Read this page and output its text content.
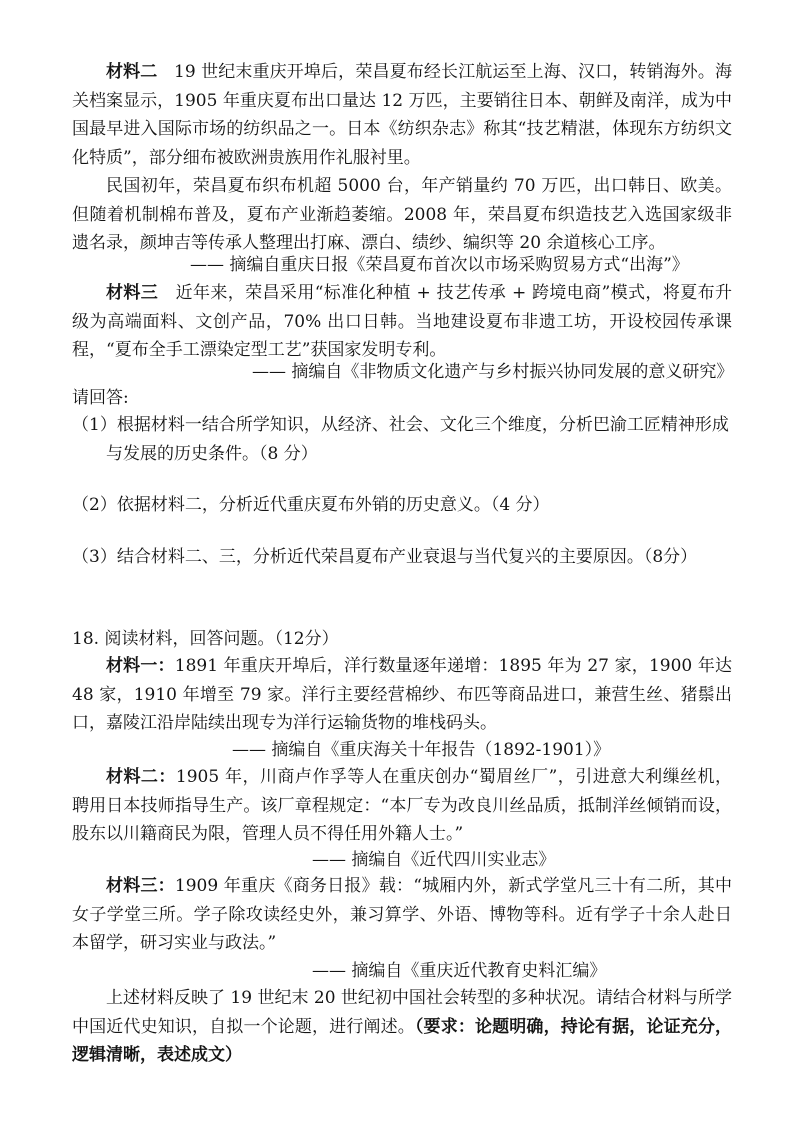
材料二 19 世纪末重庆开埠后，荣昌夏布经长江航运至上海、汉口，转销海外。海关档案显示，1905 年重庆夏布出口量达 12 万匹，主要销往日本、朝鲜及南洋，成为中国最早进入国际市场的纺织品之一。日本《纺织杂志》称其“技艺精湛，体现东方纺织文化特质”，部分细布被欧洲贵族用作礼服衬里。

民国初年，荣昌夏布织布机超 5000 台，年产销量约 70 万匹，出口韩日、欧美。但随着机制棉布普及，夏布产业渐趋萎缩。2008 年，荣昌夏布织造技艺入选国家级非遗名录，颜坤吉等传承人整理出打麻、漂白、绩纱、编织等 20 余道核心工序。

—— 摘编自重庆日报《荣昌夏布首次以市场采购贸易方式“出海”》

材料三 近年来，荣昌采用“标准化种植 + 技艺传承 + 跨境电商”模式，将夏布升级为高端面料、文创产品，70% 出口日韩。当地建设夏布非遗工坊，开设校园传承课程，“夏布全手工漂染定型工艺”获国家发明专利。

—— 摘编自《非物质文化遗产与乡村振兴协同发展的意义研究》

请回答:

（1）根据材料一结合所学知识，从经济、社会、文化三个维度，分析巴渝工匠精神形成
与发展的历史条件。（8 分）
（2）依据材料二，分析近代重庆夏布外销的历史意义。（4 分）
（3）结合材料二、三，分析近代荣昌夏布产业衰退与当代复兴的主要原因。（8分）

18. 阅读材料，回答问题。（12分）

材料一：1891 年重庆开埠后，洋行数量逐年递增：1895 年为 27 家，1900 年达 48 家，1910 年增至 79 家。洋行主要经营棉纱、布匹等商品进口，兼营生丝、猪鬃出口，嘉陵江沿岸陆续出现专为洋行运输货物的堆栈码头。

—— 摘编自《重庆海关十年报告（1892-1901）》

材料二：1905 年，川商卢作孚等人在重庆创办“蜀眉丝厂”，引进意大利缫丝机，聘用日本技师指导生产。该厂章程规定：“本厂专为改良川丝品质，抵制洋丝倾销而设，股东以川籍商民为限，管理人员不得任用外籍人士。”

—— 摘编自《近代四川实业志》

材料三：1909 年重庆《商务日报》载：“城厢内外，新式学堂凡三十有二所，其中女子学堂三所。学子除攻读经史外，兼习算学、外语、博物等科。近有学子十余人赴日本留学，研习实业与政法。”

—— 摘编自《重庆近代教育史料汇编》

上述材料反映了 19 世纪末 20 世纪初中国社会转型的多种状况。请结合材料与所学中国近代史知识，自拟一个论题，进行阐述。（要求：论题明确，持论有据，论证充分，逻辑清晰，表述成文）
